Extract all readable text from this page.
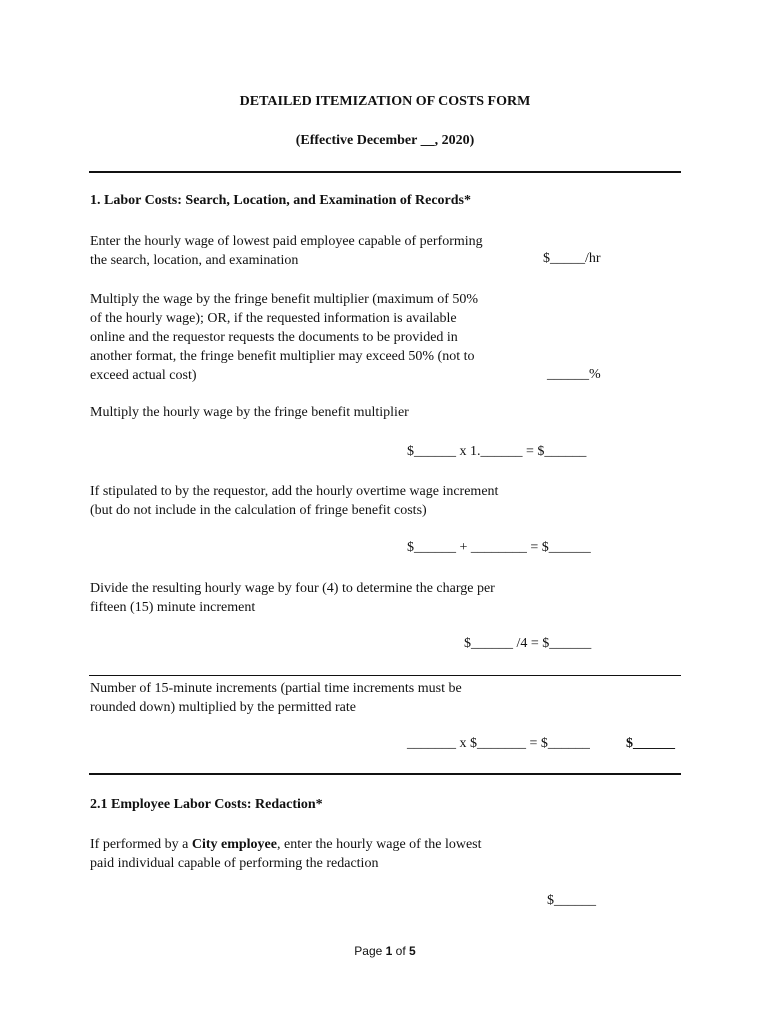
DETAILED ITEMIZATION OF COSTS FORM
(Effective December __, 2020)
1. Labor Costs: Search, Location, and Examination of Records*
Enter the hourly wage of lowest paid employee capable of performing
the search, location, and examination	$_____/hr
Multiply the wage by the fringe benefit multiplier (maximum of 50%
of the hourly wage); OR, if the requested information is available
online and the requestor requests the documents to be provided in
another format, the fringe benefit multiplier may exceed 50% (not to
exceed actual cost)	______%
Multiply the hourly wage by the fringe benefit multiplier
$______ x 1.______ = $______
If stipulated to by the requestor, add the hourly overtime wage increment
(but do not include in the calculation of fringe benefit costs)
$______ + ________ = $______
Divide the resulting hourly wage by four (4) to determine the charge per
fifteen (15) minute increment
$______ /4 = $______
Number of 15-minute increments (partial time increments must be
rounded down) multiplied by the permitted rate
_______ x $_______ = $______	$______
2.1 Employee Labor Costs: Redaction*
If performed by a City employee, enter the hourly wage of the lowest
paid individual capable of performing the redaction
$______
Page 1 of 5
